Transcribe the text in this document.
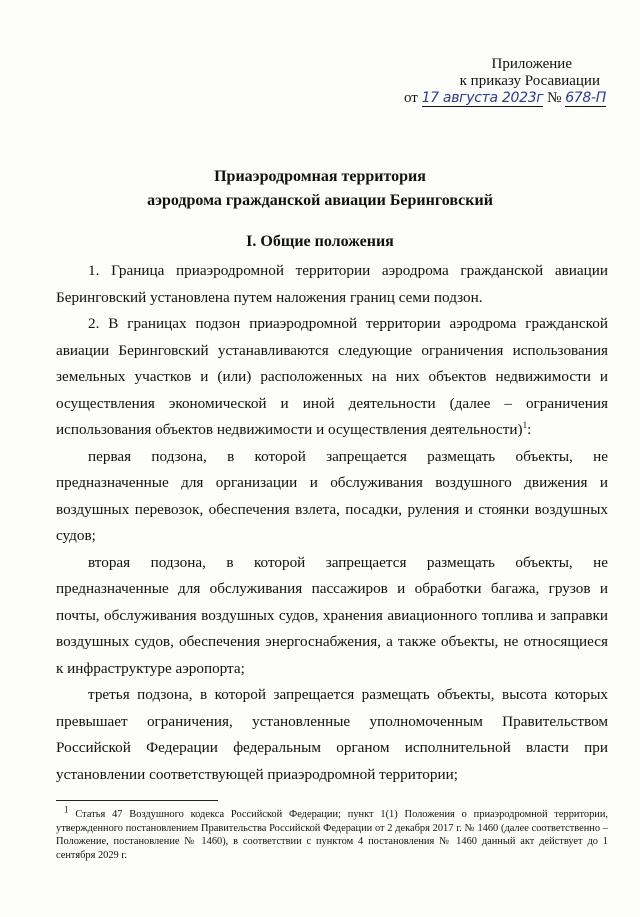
Приложение
к приказу Росавиации
от 17 августа 2023г № 678-П
Приаэродромная территория
аэродрома гражданской авиации Беринговский
I. Общие положения

1. Граница приаэродромной территории аэродрома гражданской авиации Беринговский установлена путем наложения границ семи подзон.

2. В границах подзон приаэродромной территории аэродрома гражданской авиации Беринговский устанавливаются следующие ограничения использования земельных участков и (или) расположенных на них объектов недвижимости и осуществления экономической и иной деятельности (далее – ограничения использования объектов недвижимости и осуществления деятельности)$^1$:

первая подзона, в которой запрещается размещать объекты, не предназначенные для организации и обслуживания воздушного движения и воздушных перевозок, обеспечения взлета, посадки, руления и стоянки воздушных судов;

вторая подзона, в которой запрещается размещать объекты, не предназначенные для обслуживания пассажиров и обработки багажа, грузов и почты, обслуживания воздушных судов, хранения авиационного топлива и заправки воздушных судов, обеспечения энергоснабжения, а также объекты, не относящиеся к инфраструктуре аэропорта;

третья подзона, в которой запрещается размещать объекты, высота которых превышает ограничения, установленные уполномоченным Правительством Российской Федерации федеральным органом исполнительной власти при установлении соответствующей приаэродромной территории;

$^1$ Статья 47 Воздушного кодекса Российской Федерации; пункт 1(1) Положения о приаэродромной территории, утвержденного постановлением Правительства Российской Федерации от 2 декабря 2017 г. № 1460 (далее соответственно – Положение, постановление № 1460), в соответствии с пунктом 4 постановления № 1460 данный акт действует до 1 сентября 2029 г.
